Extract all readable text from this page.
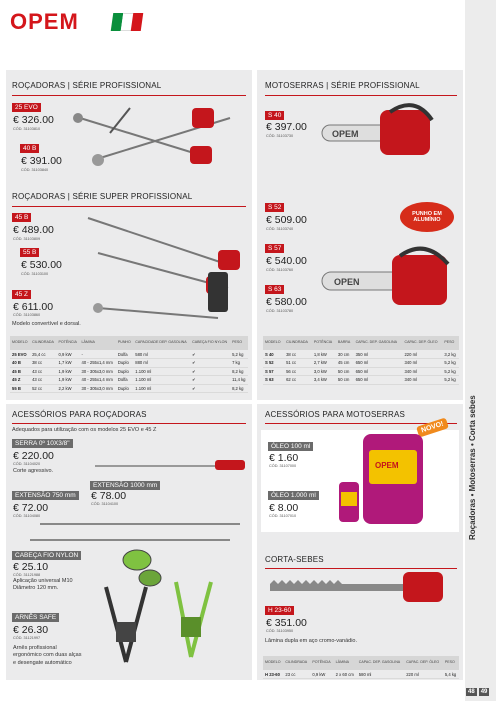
OPEM
Roçadoras • Motoserras • Corta sebes
48	49
ROÇADORAS | SÉRIE PROFISSIONAL
25 EVO
€ 326.00
CÓD. 31103810
40 B
€ 391.00
CÓD. 31103840
ROÇADORAS | SÉRIE SUPER PROFISSIONAL
45 B
€ 489.00
CÓD. 31103809
55 B
€ 530.00
CÓD. 31103100
45 Z
€ 611.00
CÓD. 31103860
Modelo convertível e dorsal.
MODELO	CILINDRADA	POTÊNCIA	LÂMINA	PUNHO	CAPACIDADE DEP. GASOLINA	CABEÇA FIO NYLON	PESO
25 EVO	25,4 cc	0,9 kW	-	Dolfa	580 ml	✔	5,2 kg
40 B	38 cc	1,7 kW	40 - 255x1,4 mm	Duplo	880 ml	✔	7 kg
45 B	43 cc	1,9 kW	30 - 305x3,0 mm	Duplo	1.100 ml	✔	8,2 kg
45 Z	43 cc	1,9 kW	40 - 255x1,4 mm	Dolfa	1.100 ml	✔	11,4 kg
55 B	52 cc	2,2 kW	30 - 305x3,0 mm	Duplo	1.100 ml	✔	8,2 kg
MOTOSERRAS | SÉRIE PROFISSIONAL
S 40
€ 397.00
CÓD. 31103730	OPEM
S 52
€ 509.00
CÓD. 31103740
S 57
€ 540.00
CÓD. 31103760
S 63
€ 580.00
CÓD. 31103780
PUNHO EM ALUMÍNIO
OPEN
MODELO	CILINDRADA	POTÊNCIA	BARRA	CAPAC. DEP. GASOLINA	CAPAC. DEP. ÓLEO	PESO
S 40	38 cc	1,8 kW	30 cm	350 ml	220 ml	3,2 kg
S 52	51 cc	2,7 kW	45 cm	650 ml	340 ml	5,2 kg
S 57	56 cc	3,0 kW	50 cm	650 ml	340 ml	5,2 kg
S 63	62 cc	3,4 kW	50 cm	650 ml	340 ml	5,2 kg
ACESSÓRIOS PARA ROÇADORAS
Adequados para utilização com os modelos 25 EVO e 45 Z
SERRA 0º 10X3/8"
€ 220.00
CÓD. 31104020
Corte agressivo.
EXTENSÃO 1000 mm
€ 78.00
CÓD. 31104100
EXTENSÃO 750 mm
€ 72.00
CÓD. 31104080
CABEÇA FIO NYLON
€ 25.10
CÓD. 31121988
Aplicação universal M10 Diâmetro 120 mm.
ARNÊS SAFE
€ 26.30
CÓD. 31121997
Arnês profissional ergonómico com duas alças e desengate automático
ACESSÓRIOS PARA MOTOSERRAS
NOVO!
ÓLEO 100 ml
€ 1.60
CÓD. 31107000
ÓLEO 1.000 ml
€ 8.00
CÓD. 31107010
OPEM
CORTA-SEBES
H 23-60
€ 351.00
CÓD. 31103950
Lâmina dupla em aço cromo-vanádio.
MODELO	CILINDRADA	POTÊNCIA	LÂMINA	CAPAC. DEP. GASOLINA	CAPAC. DEP. ÓLEO	PESO
H 23-60	23 cc	0,9 kW	2 x 60 cm	580 ml	220 ml	5,4 kg
